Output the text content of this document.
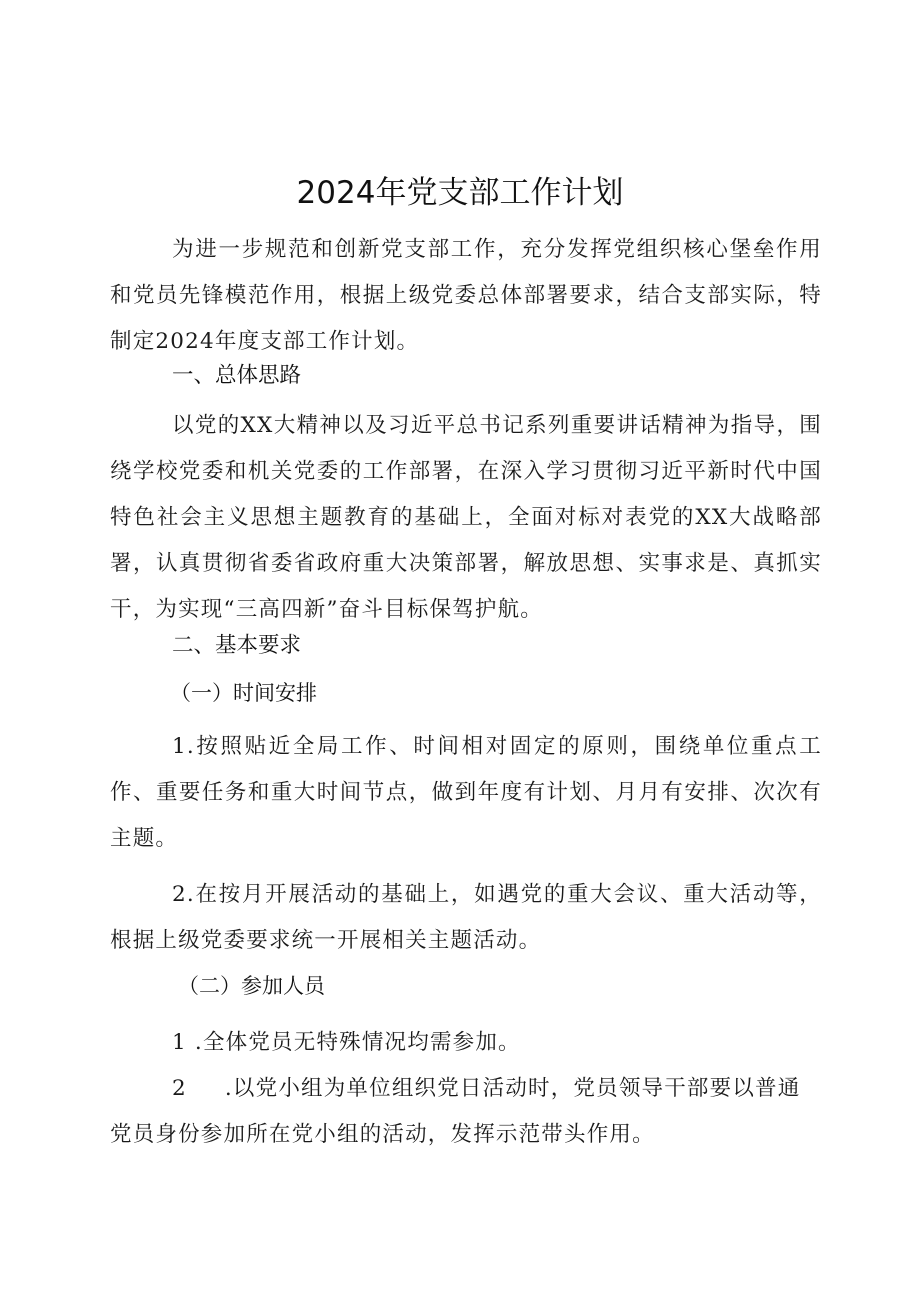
2024年党支部工作计划

为进一步规范和创新党支部工作，充分发挥党组织核心堡垒作用和党员先锋模范作用，根据上级党委总体部署要求，结合支部实际，特制定2024年度支部工作计划。

一、总体思路

以党的XX大精神以及习近平总书记系列重要讲话精神为指导，围绕学校党委和机关党委的工作部署，在深入学习贯彻习近平新时代中国特色社会主义思想主题教育的基础上，全面对标对表党的XX大战略部署，认真贯彻省委省政府重大决策部署，解放思想、实事求是、真抓实干，为实现“三高四新”奋斗目标保驾护航。

二、基本要求
（一）时间安排

1.按照贴近全局工作、时间相对固定的原则，围绕单位重点工作、重要任务和重大时间节点，做到年度有计划、月月有安排、次次有主题。

2.在按月开展活动的基础上，如遇党的重大会议、重大活动等，根据上级党委要求统一开展相关主题活动。

（二）参加人员
1 .全体党员无特殊情况均需参加。
2 .以党小组为单位组织党日活动时，党员领导干部要以普通
党员身份参加所在党小组的活动，发挥示范带头作用。
